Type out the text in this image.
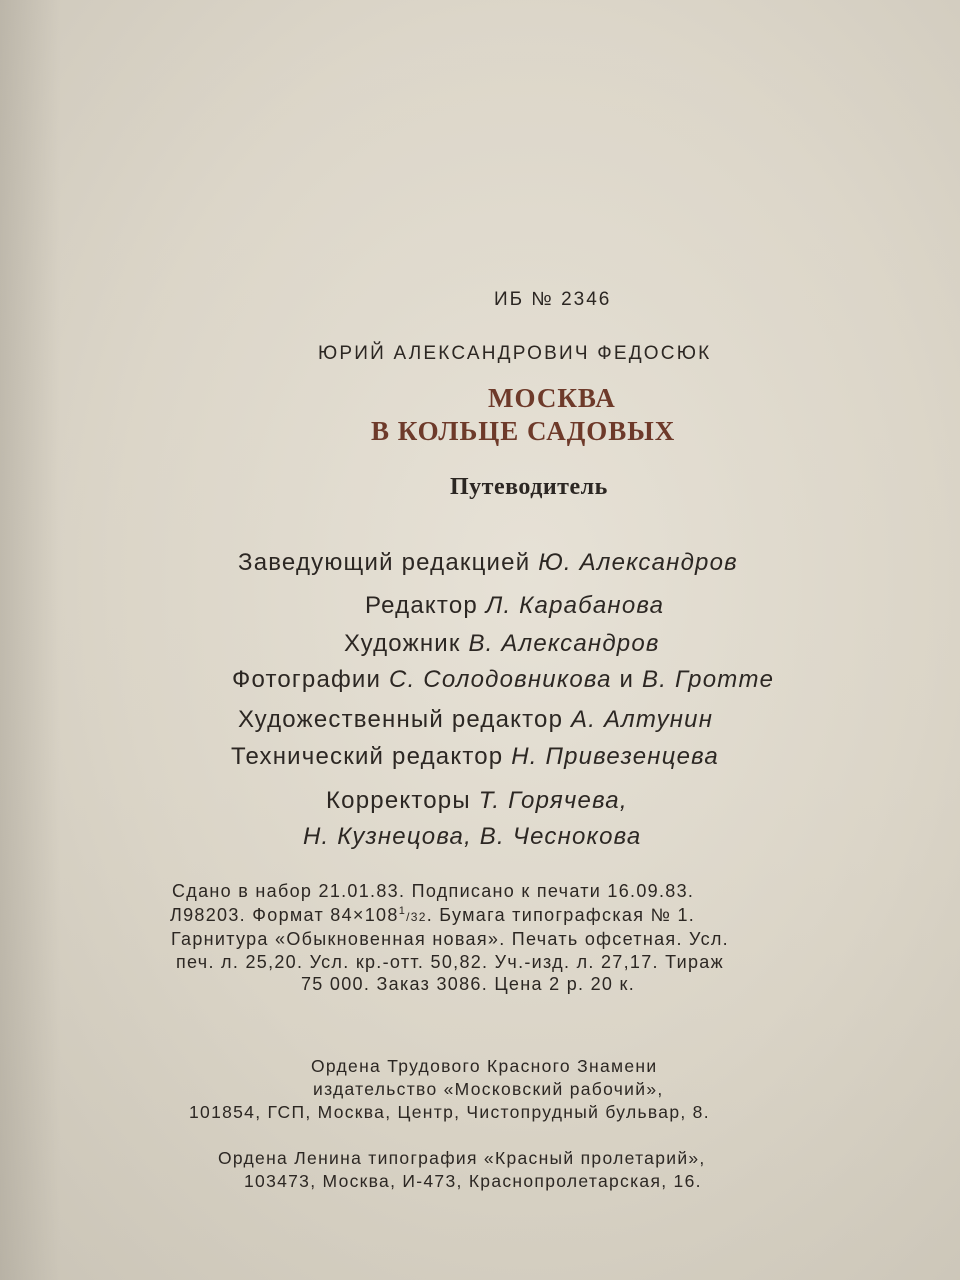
ИБ № 2346
ЮРИЙ АЛЕКСАНДРОВИЧ ФЕДОСЮК
МОСКВА
В КОЛЬЦЕ САДОВЫХ
Путеводитель
Заведующий редакцией Ю. Александров
Редактор Л. Карабанова
Художник В. Александров
Фотографии С. Солодовникова и В. Гротте
Художественный редактор А. Алтунин
Технический редактор Н. Привезенцева
Корректоры Т. Горячева,
Н. Кузнецова, В. Чеснокова
Сдано в набор 21.01.83. Подписано к печати 16.09.83.
Л98203. Формат $84\times 108^1/32$. Бумага типографская № 1.
Гарнитура «Обыкновенная новая». Печать офсетная. Усл.
печ. л. 25,20. Усл. кр.-отт. 50,82. Уч.-изд. л. 27,17. Тираж
75 000. Заказ 3086. Цена 2 р. 20 к.
Ордена Трудового Красного Знамени
издательство «Московский рабочий»,
101854, ГСП, Москва, Центр, Чистопрудный бульвар, 8.
Ордена Ленина типография «Красный пролетарий»,
103473, Москва, И-473, Краснопролетарская, 16.
